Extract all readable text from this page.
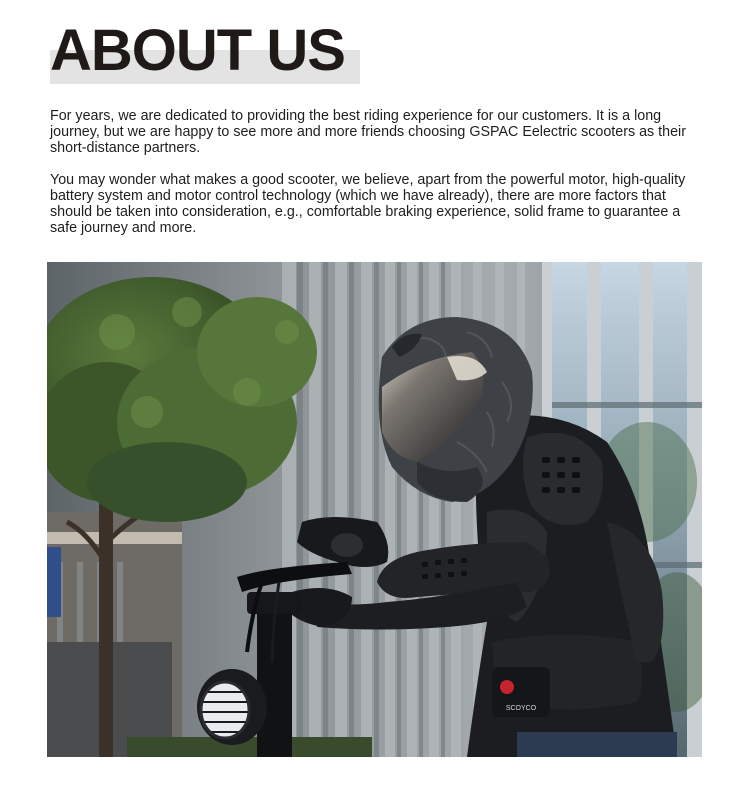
ABOUT US

For years, we are dedicated to providing the best riding experience for our customers. It is a long journey, but we are happy to see more and more friends choosing GSPAC Eelectric scooters as their short-distance partners.

You may wonder what makes a good scooter, we believe, apart from the powerful motor, high-quality battery system and motor control technology (which we have already), there are more factors that should be taken into consideration, e.g., comfortable braking experience, solid frame to guarantee a safe journey and more.

SCOYCO
